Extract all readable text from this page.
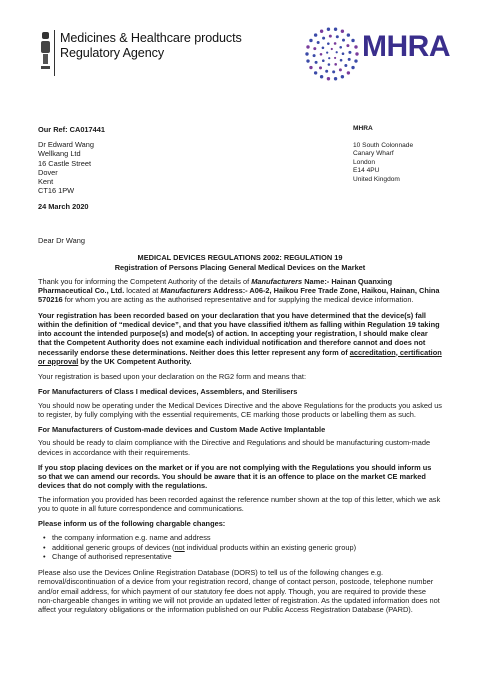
Medicines & Healthcare products
Regulatory Agency	MHRA
Our Ref: CA017441
Dr Edward Wang
Wellkang Ltd
16 Castle Street
Dover
Kent
CT16 1PW
24 March 2020
MHRA
10 South Colonnade
Canary Wharf
London
E14 4PU
United Kingdom

Dear Dr Wang

MEDICAL DEVICES REGULATIONS 2002: REGULATION 19

Registration of Persons Placing General Medical Devices on the Market

Thank you for informing the Competent Authority of the details of Manufacturers Name:- Hainan Quanxing Pharmaceutical Co., Ltd. located at Manufacturers Address:- A06-2, Haikou Free Trade Zone, Haikou, Hainan, China 570216 for whom you are acting as the authorised representative and for supplying the medical device information.

Your registration has been recorded based on your declaration that you have determined that the device(s) fall within the definition of “medical device”, and that you have classified it/them as falling within Regulation 19 taking into account the intended purpose(s) and mode(s) of action. In accepting your registration, I should make clear that the Competent Authority does not examine each individual notification and therefore cannot and does not necessarily endorse these determinations. Neither does this letter represent any form of accreditation, certification or approval by the UK Competent Authority.

Your registration is based upon your declaration on the RG2 form and means that:

For Manufacturers of Class I medical devices, Assemblers, and Sterilisers

You should now be operating under the Medical Devices Directive and the above Regulations for the products you asked us to register, by fully complying with the essential requirements, CE marking those products or labelling them as such.

For Manufacturers of Custom-made devices and Custom Made Active Implantable

You should be ready to claim compliance with the Directive and Regulations and should be manufacturing custom-made devices in accordance with their requirements.

If you stop placing devices on the market or if you are not complying with the Regulations you should inform us so that we can amend our records. You should be aware that it is an offence to place on the market CE marked devices that do not comply with the regulations.

The information you provided has been recorded against the reference number shown at the top of this letter, which we ask you to quote in all future correspondence and communications.

Please inform us of the following chargable changes:

• the company information e.g. name and address
• additional generic groups of devices (not individual products within an existing generic group)
• Change of authorised representative

Please also use the Devices Online Registration Database (DORS) to tell us of the following changes e.g. removal/discontinuation of a device from your registration record, change of contact person, postcode, telephone number and/or email address, for which payment of our statutory fee does not apply. Though, you are required to provide these non-chargeable changes in writing we will not provide an updated letter of registration. As the updated information does not affect your regulatory obligations or the information published on our Public Access Registration Database (PARD).
